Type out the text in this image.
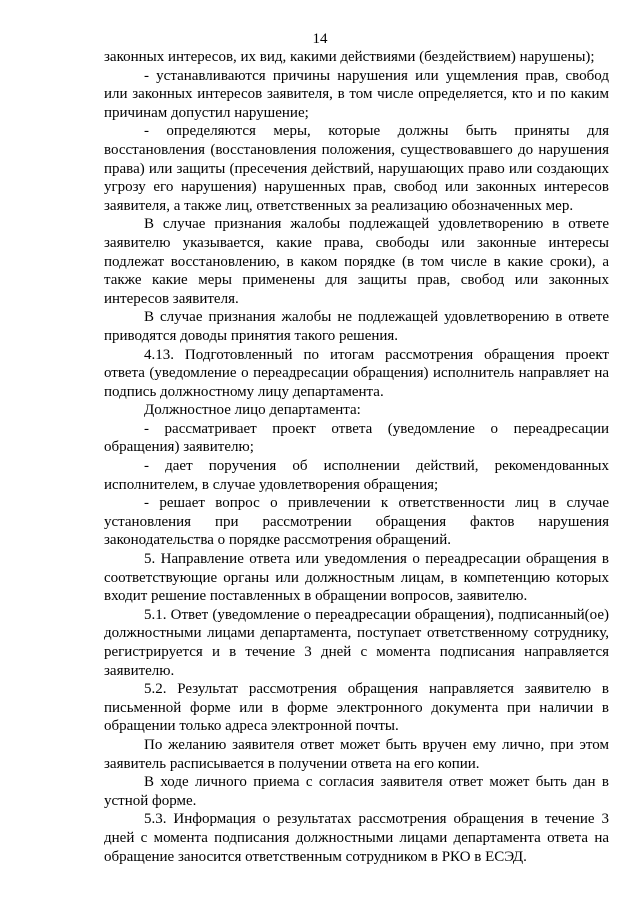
14

законных интересов, их вид, какими действиями (бездействием) нарушены);

- устанавливаются причины нарушения или ущемления прав, свобод или законных интересов заявителя, в том числе определяется, кто и по каким причинам допустил нарушение;

- определяются меры, которые должны быть приняты для восстановления (восстановления положения, существовавшего до нарушения права) или защиты (пресечения действий, нарушающих право или создающих угрозу его нарушения) нарушенных прав, свобод или законных интересов заявителя, а также лиц, ответственных за реализацию обозначенных мер.

В случае признания жалобы подлежащей удовлетворению в ответе заявителю указывается, какие права, свободы или законные интересы подлежат восстановлению, в каком порядке (в том числе в какие сроки), а также какие меры применены для защиты прав, свобод или законных интересов заявителя.

В случае признания жалобы не подлежащей удовлетворению в ответе приводятся доводы принятия такого решения.

4.13. Подготовленный по итогам рассмотрения обращения проект ответа (уведомление о переадресации обращения) исполнитель направляет на подпись должностному лицу департамента.

Должностное лицо департамента:

- рассматривает проект ответа (уведомление о переадресации обращения) заявителю;

- дает поручения об исполнении действий, рекомендованных исполнителем, в случае удовлетворения обращения;

- решает вопрос о привлечении к ответственности лиц в случае установления при рассмотрении обращения фактов нарушения законодательства о порядке рассмотрения обращений.

5. Направление ответа или уведомления о переадресации обращения в соответствующие органы или должностным лицам, в компетенцию которых входит решение поставленных в обращении вопросов, заявителю.

5.1. Ответ (уведомление о переадресации обращения), подписанный(ое) должностными лицами департамента, поступает ответственному сотруднику, регистрируется и в течение 3 дней с момента подписания направляется заявителю.

5.2. Результат рассмотрения обращения направляется заявителю в письменной форме или в форме электронного документа при наличии в обращении только адреса электронной почты.

По желанию заявителя ответ может быть вручен ему лично, при этом заявитель расписывается в получении ответа на его копии.

В ходе личного приема с согласия заявителя ответ может быть дан в устной форме.

5.3. Информация о результатах рассмотрения обращения в течение 3 дней с момента подписания должностными лицами департамента ответа на обращение заносится ответственным сотрудником в РКО в ЕСЭД.
